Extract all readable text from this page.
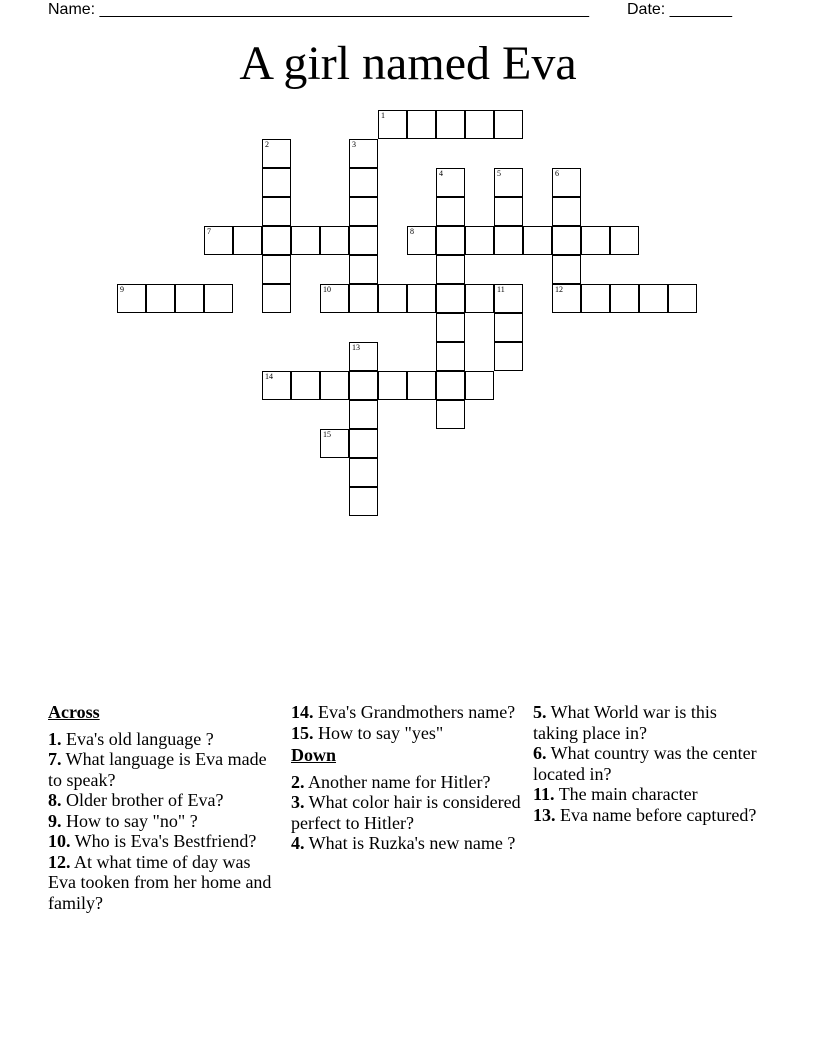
Name: _______________________________________________________ Date: _______
A girl named Eva
1
2	3
4	5	6
7	8
9	10	11	12
13
14
15
Across
1. Eva's old language ?
7. What language is Eva made to speak?
8. Older brother of Eva?
9. How to say "no" ?
10. Who is Eva's Bestfriend?
12. At what time of day was Eva tooken from her home and family?
14. Eva's Grandmothers name?
15. How to say "yes"
Down
2. Another name for Hitler?
3. What color hair is considered perfect to Hitler?
4. What is Ruzka's new name ?
5. What World war is this taking place in?
6. What country was the center located in?
11. The main character
13. Eva name before captured?
